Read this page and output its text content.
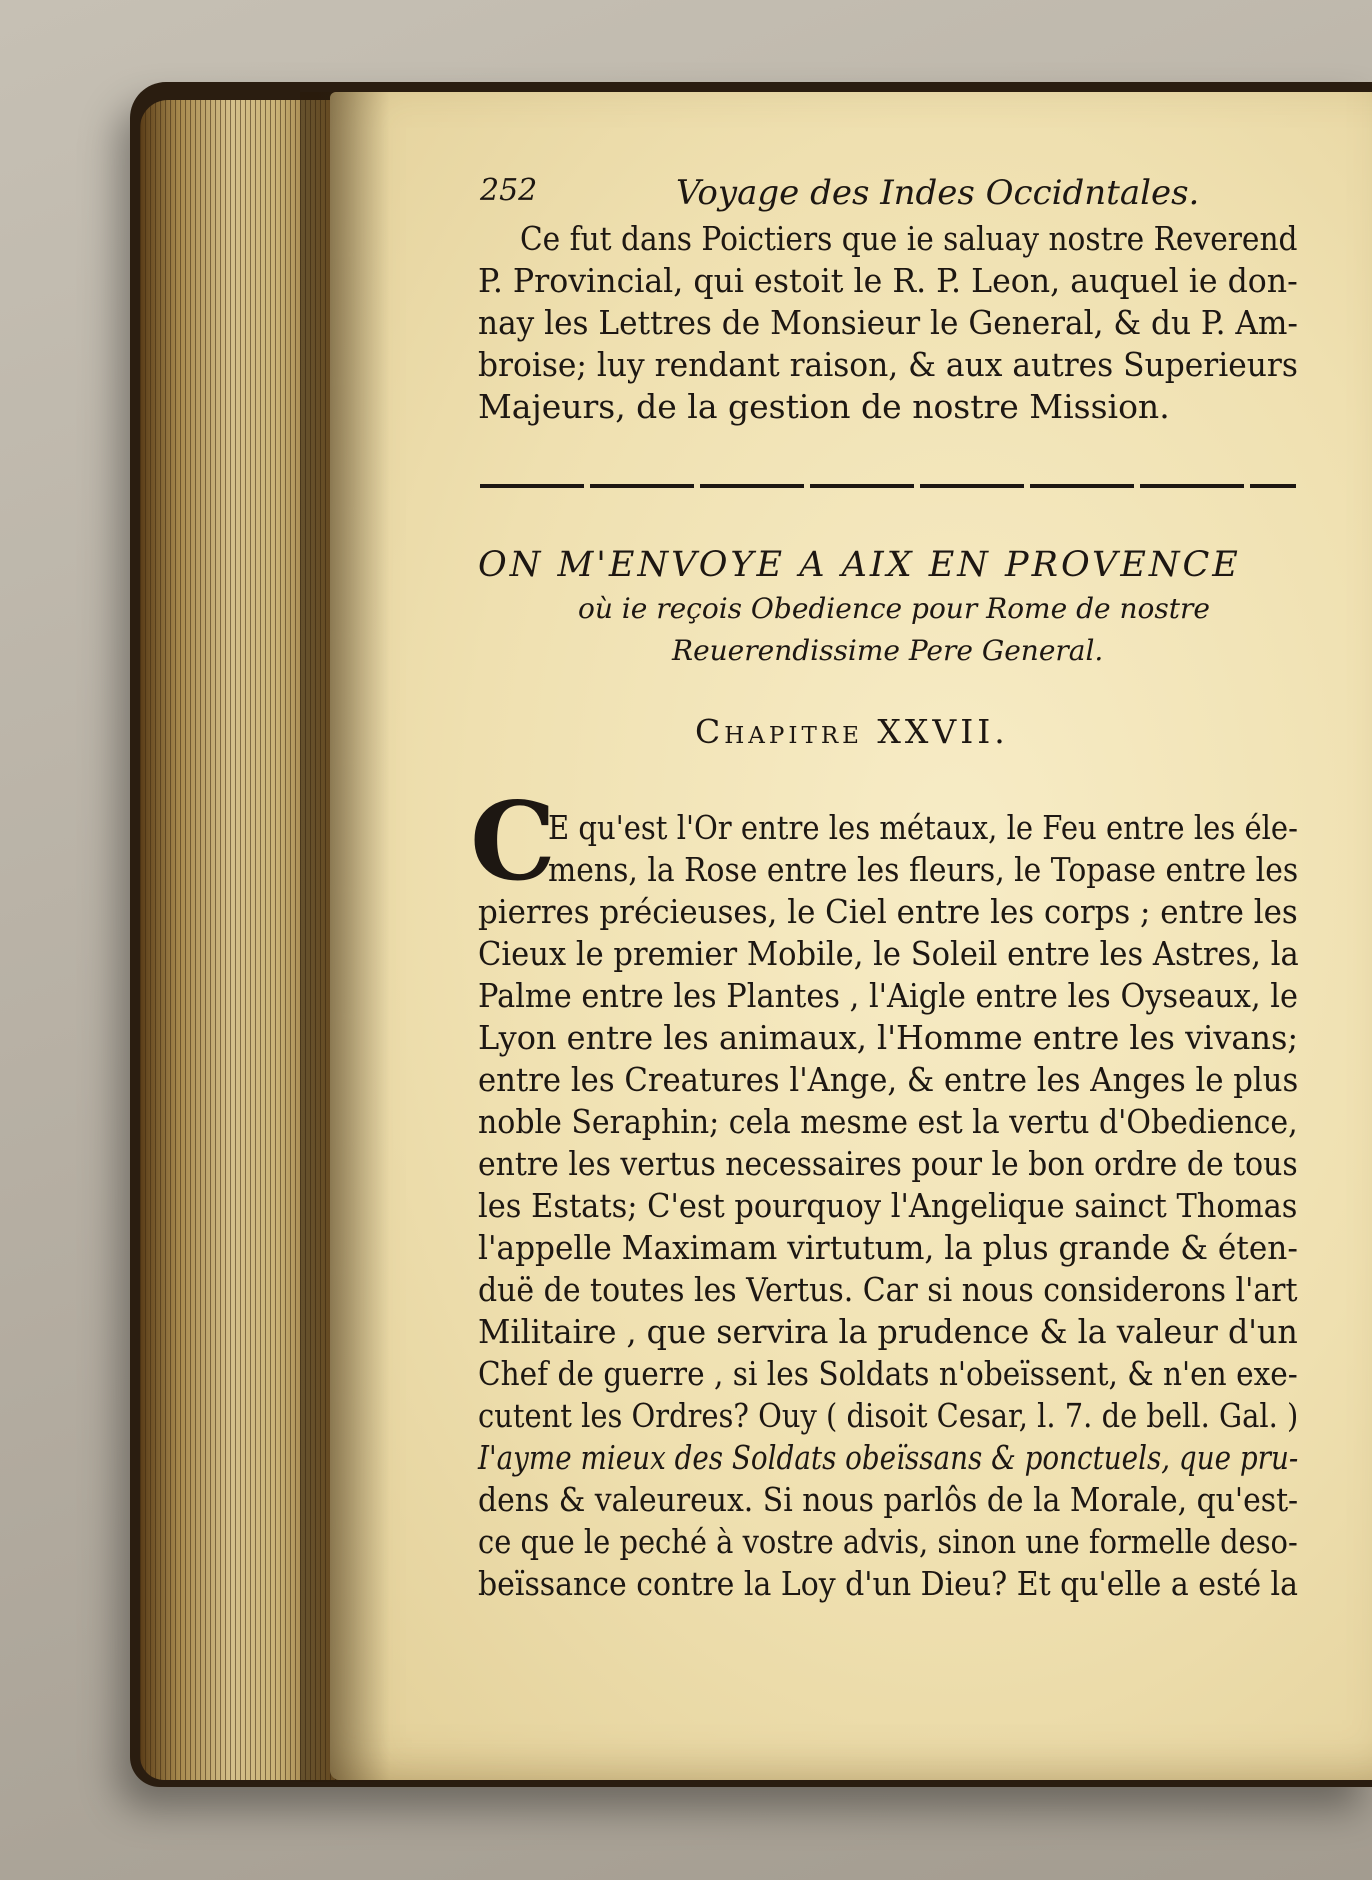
252	Voyage des Indes Occidntales.
Ce fut dans Poictiers que ie saluay nostre Reverend
P. Provincial, qui estoit le R. P. Leon, auquel ie don-
nay les Lettres de Monsieur le General, & du P. Am-
broise; luy rendant raison, & aux autres Superieurs
Majeurs, de la gestion de nostre Mission.
ON M'ENVOYE A AIX EN PROVENCE
où ie reçois Obedience pour Rome de nostre
Reuerendissime Pere General.
Chapitre XXVII.
C
E qu'est l'Or entre les métaux, le Feu entre les éle-
mens, la Rose entre les fleurs, le Topase entre les
pierres précieuses, le Ciel entre les corps ; entre les
Cieux le premier Mobile, le Soleil entre les Astres, la
Palme entre les Plantes , l'Aigle entre les Oyseaux, le
Lyon entre les animaux, l'Homme entre les vivans;
entre les Creatures l'Ange, & entre les Anges le plus
noble Seraphin; cela mesme est la vertu d'Obedience,
entre les vertus necessaires pour le bon ordre de tous
les Estats; C'est pourquoy l'Angelique sainct Thomas
l'appelle Maximam virtutum, la plus grande & éten-
duë de toutes les Vertus. Car si nous considerons l'art
Militaire , que servira la prudence & la valeur d'un
Chef de guerre , si les Soldats n'obeïssent, & n'en exe-
cutent les Ordres? Ouy ( disoit Cesar, l. 7. de bell. Gal. )
I'ayme mieux des Soldats obeïssans & ponctuels, que pru-
dens & valeureux. Si nous parlôs de la Morale, qu'est-
ce que le peché à vostre advis, sinon une formelle deso-
beïssance contre la Loy d'un Dieu? Et qu'elle a esté la
